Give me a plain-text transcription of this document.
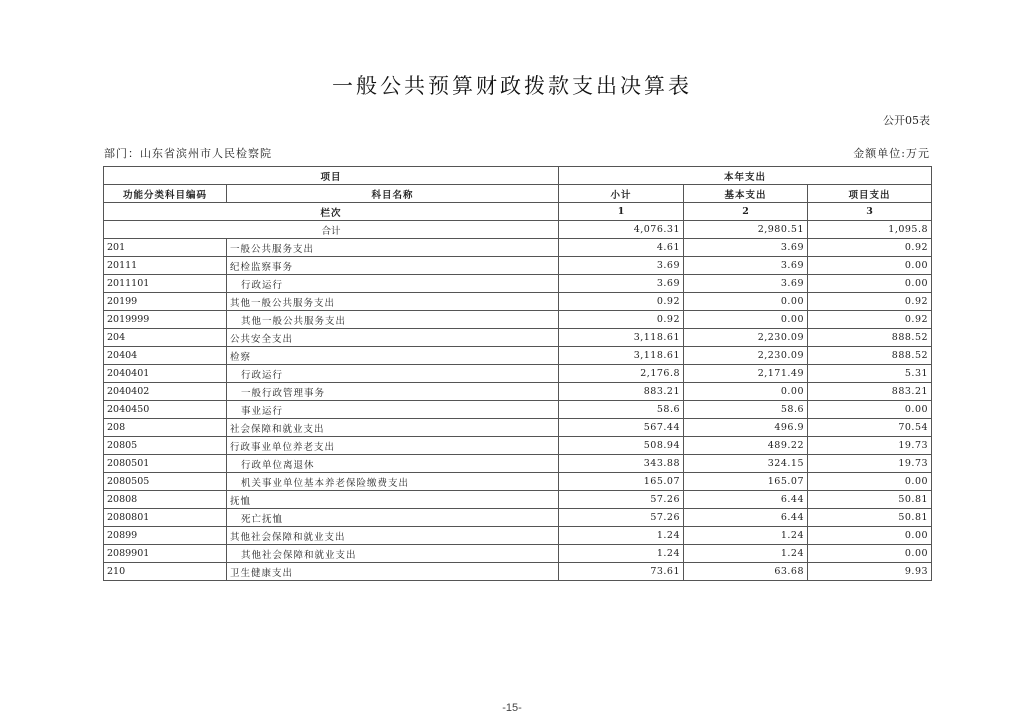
一般公共预算财政拨款支出决算表
公开05表
部门：山东省滨州市人民检察院	金额单位:万元
项目		本年支出		
功能分类科目编码	科目名称	小计	基本支出	项目支出
栏次		1	2	3
合计		4,076.31	2,980.51	1,095.8
201	一般公共服务支出	4.61	3.69	0.92
20111	纪检监察事务	3.69	3.69	0.00
2011101	行政运行	3.69	3.69	0.00
20199	其他一般公共服务支出	0.92	0.00	0.92
2019999	其他一般公共服务支出	0.92	0.00	0.92
204	公共安全支出	3,118.61	2,230.09	888.52
20404	检察	3,118.61	2,230.09	888.52
2040401	行政运行	2,176.8	2,171.49	5.31
2040402	一般行政管理事务	883.21	0.00	883.21
2040450	事业运行	58.6	58.6	0.00
208	社会保障和就业支出	567.44	496.9	70.54
20805	行政事业单位养老支出	508.94	489.22	19.73
2080501	行政单位离退休	343.88	324.15	19.73
2080505	机关事业单位基本养老保险缴费支出	165.07	165.07	0.00
20808	抚恤	57.26	6.44	50.81
2080801	死亡抚恤	57.26	6.44	50.81
20899	其他社会保障和就业支出	1.24	1.24	0.00
2089901	其他社会保障和就业支出	1.24	1.24	0.00
210	卫生健康支出	73.61	63.68	9.93
-15-
